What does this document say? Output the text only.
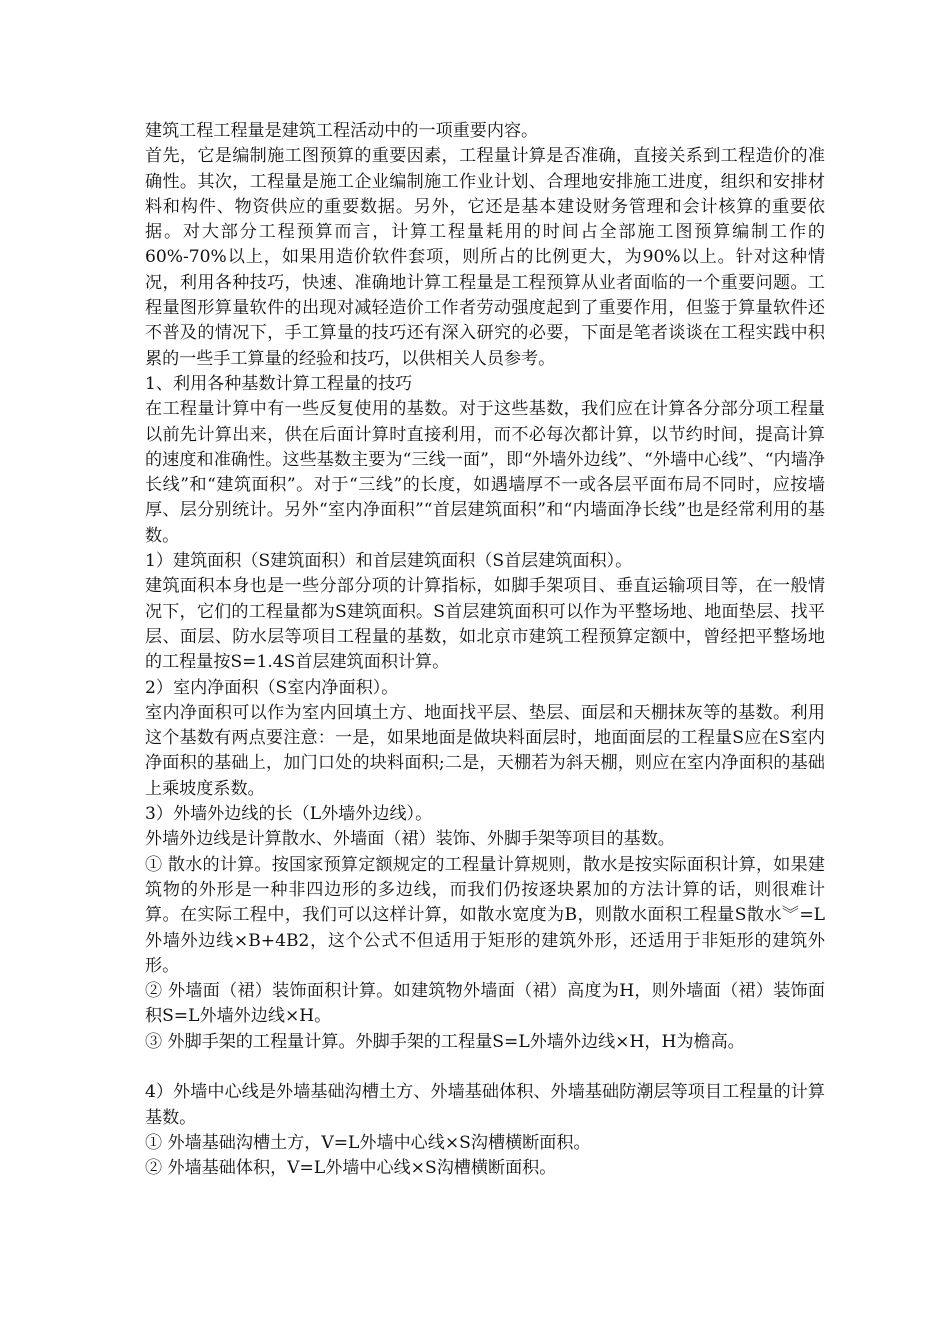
建筑工程工程量是建筑工程活动中的一项重要内容。

首先，它是编制施工图预算的重要因素，工程量计算是否准确，直接关系到工程造价的准确性。其次，工程量是施工企业编制施工作业计划、合理地安排施工进度，组织和安排材料和构件、物资供应的重要数据。另外，它还是基本建设财务管理和会计核算的重要依据。对大部分工程预算而言，计算工程量耗用的时间占全部施工图预算编制工作的60%-70%以上，如果用造价软件套项，则所占的比例更大，为90%以上。针对这种情况，利用各种技巧，快速、准确地计算工程量是工程预算从业者面临的一个重要问题。工程量图形算量软件的出现对减轻造价工作者劳动强度起到了重要作用，但鉴于算量软件还不普及的情况下，手工算量的技巧还有深入研究的必要，下面是笔者谈谈在工程实践中积累的一些手工算量的经验和技巧，以供相关人员参考。

1、利用各种基数计算工程量的技巧

在工程量计算中有一些反复使用的基数。对于这些基数，我们应在计算各分部分项工程量以前先计算出来，供在后面计算时直接利用，而不必每次都计算，以节约时间，提高计算的速度和准确性。这些基数主要为“三线一面”，即“外墙外边线”、“外墙中心线”、“内墙净长线”和“建筑面积”。对于“三线”的长度，如遇墙厚不一或各层平面布局不同时，应按墙厚、层分别统计。另外“室内净面积”“首层建筑面积”和“内墙面净长线”也是经常利用的基数。

1）建筑面积（S建筑面积）和首层建筑面积（S首层建筑面积）。

建筑面积本身也是一些分部分项的计算指标，如脚手架项目、垂直运输项目等，在一般情况下，它们的工程量都为S建筑面积。S首层建筑面积可以作为平整场地、地面垫层、找平层、面层、防水层等项目工程量的基数，如北京市建筑工程预算定额中，曾经把平整场地的工程量按S=1.4S首层建筑面积计算。

2）室内净面积（S室内净面积）。

室内净面积可以作为室内回填土方、地面找平层、垫层、面层和天棚抹灰等的基数。利用这个基数有两点要注意：一是，如果地面是做块料面层时，地面面层的工程量S应在S室内净面积的基础上，加门口处的块料面积;二是，天棚若为斜天棚，则应在室内净面积的基础上乘坡度系数。

3）外墙外边线的长（L外墙外边线）。

外墙外边线是计算散水、外墙面（裙）装饰、外脚手架等项目的基数。

① 散水的计算。按国家预算定额规定的工程量计算规则，散水是按实际面积计算，如果建筑物的外形是一种非四边形的多边线，而我们仍按逐块累加的方法计算的话，则很难计算。在实际工程中，我们可以这样计算，如散水宽度为B，则散水面积工程量S散水︾=L外墙外边线×B+4B2，这个公式不但适用于矩形的建筑外形，还适用于非矩形的建筑外形。

② 外墙面（裙）装饰面积计算。如建筑物外墙面（裙）高度为H，则外墙面（裙）装饰面积S=L外墙外边线×H。

③ 外脚手架的工程量计算。外脚手架的工程量S=L外墙外边线×H，H为檐高。

4）外墙中心线是外墙基础沟槽土方、外墙基础体积、外墙基础防潮层等项目工程量的计算基数。

① 外墙基础沟槽土方，V=L外墙中心线×S沟槽横断面积。

② 外墙基础体积，V=L外墙中心线×S沟槽横断面积。
